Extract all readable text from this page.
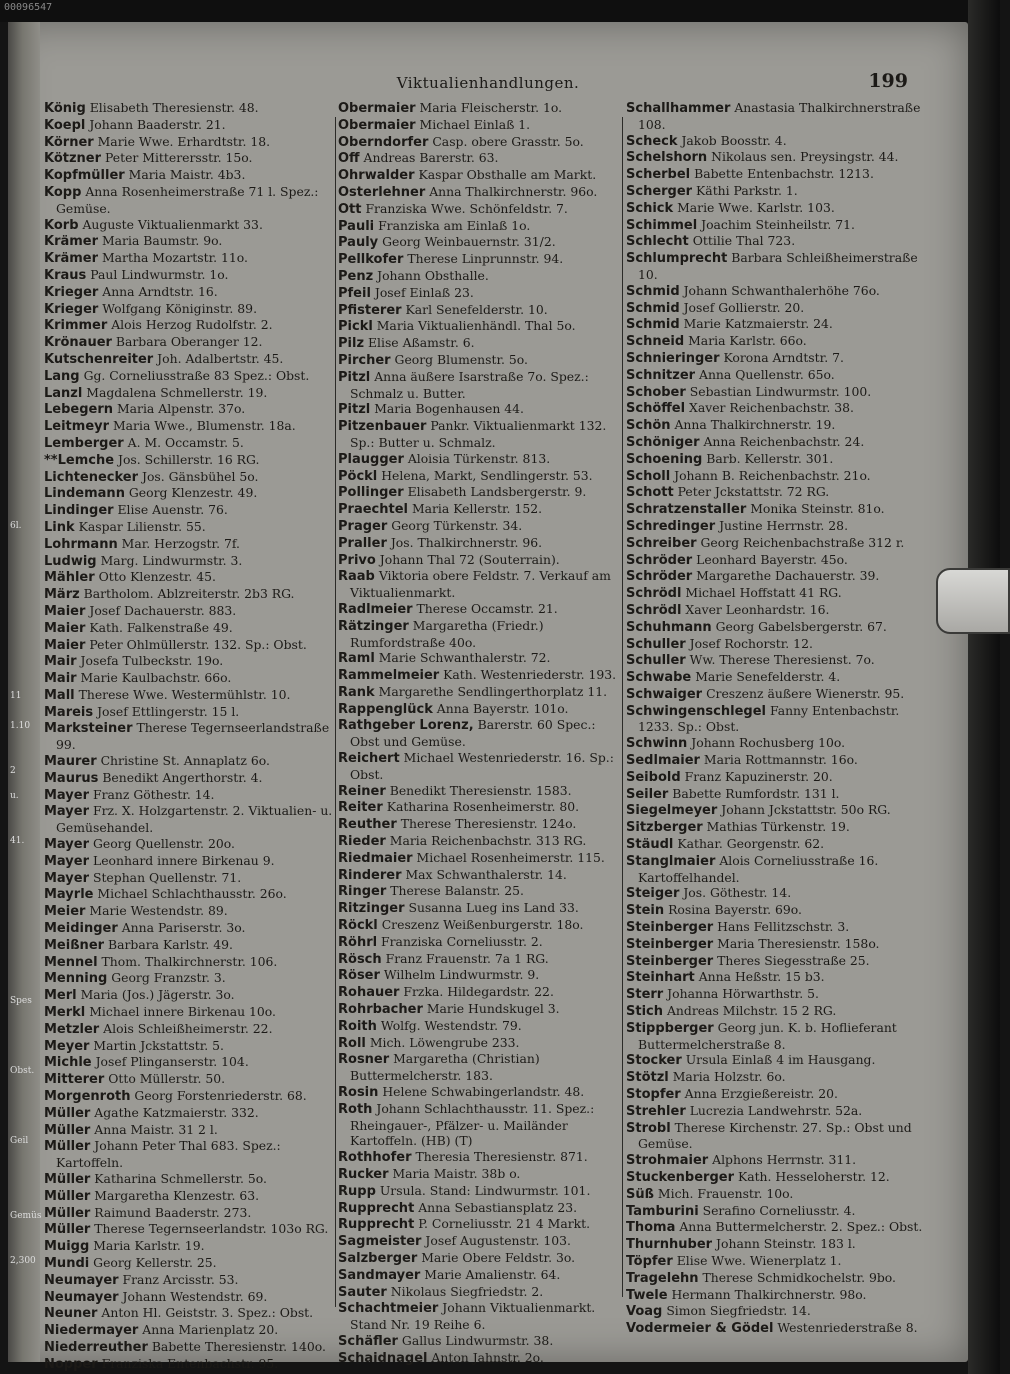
00096547
6l.
11
1.10
2
u.
41.
Spes
Obst.
Geil
Gemüs
2,300
Viktualienhandlungen.	199
König Elisabeth Theresienstr. 48.
Koepl Johann Baaderstr. 21.
Körner Marie Wwe. Erhardtstr. 18.
Kötzner Peter Mitterersstr. 15o.
Kopfmüller Maria Maistr. 4b3.
Kopp Anna Rosenheimerstraße 71 l. Spez.: Gemüse.
Korb Auguste Viktualienmarkt 33.
Krämer Maria Baumstr. 9o.
Krämer Martha Mozartstr. 11o.
Kraus Paul Lindwurmstr. 1o.
Krieger Anna Arndtstr. 16.
Krieger Wolfgang Königinstr. 89.
Krimmer Alois Herzog Rudolfstr. 2.
Krönauer Barbara Oberanger 12.
Kutschenreiter Joh. Adalbertstr. 45.
Lang Gg. Corneliusstraße 83 Spez.: Obst.
Lanzl Magdalena Schmellerstr. 19.
Lebegern Maria Alpenstr. 37o.
Leitmeyr Maria Wwe., Blumenstr. 18a.
Lemberger A. M. Occamstr. 5.
**Lemche Jos. Schillerstr. 16 RG.
Lichtenecker Jos. Gänsbühel 5o.
Lindemann Georg Klenzestr. 49.
Lindinger Elise Auenstr. 76.
Link Kaspar Lilienstr. 55.
Lohrmann Mar. Herzogstr. 7f.
Ludwig Marg. Lindwurmstr. 3.
Mähler Otto Klenzestr. 45.
März Bartholom. Ablzreiterstr. 2b3 RG.
Maier Josef Dachauerstr. 883.
Maier Kath. Falkenstraße 49.
Maier Peter Ohlmüllerstr. 132. Sp.: Obst.
Mair Josefa Tulbeckstr. 19o.
Mair Marie Kaulbachstr. 66o.
Mall Therese Wwe. Westermühlstr. 10.
Mareis Josef Ettlingerstr. 15 l.
Marksteiner Therese Tegernseerlandstraße 99.
Maurer Christine St. Annaplatz 6o.
Maurus Benedikt Angerthorstr. 4.
Mayer Franz Göthestr. 14.
Mayer Frz. X. Holzgartenstr. 2. Viktualien- u. Gemüsehandel.
Mayer Georg Quellenstr. 20o.
Mayer Leonhard innere Birkenau 9.
Mayer Stephan Quellenstr. 71.
Mayrle Michael Schlachthausstr. 26o.
Meier Marie Westendstr. 89.
Meidinger Anna Pariserstr. 3o.
Meißner Barbara Karlstr. 49.
Mennel Thom. Thalkirchnerstr. 106.
Menning Georg Franzstr. 3.
Merl Maria (Jos.) Jägerstr. 3o.
Merkl Michael innere Birkenau 10o.
Metzler Alois Schleißheimerstr. 22.
Meyer Martin Jckstattstr. 5.
Michle Josef Plinganserstr. 104.
Mitterer Otto Müllerstr. 50.
Morgenroth Georg Forstenriederstr. 68.
Müller Agathe Katzmaierstr. 332.
Müller Anna Maistr. 31 2 l.
Müller Johann Peter Thal 683. Spez.: Kartoffeln.
Müller Katharina Schmellerstr. 5o.
Müller Margaretha Klenzestr. 63.
Müller Raimund Baaderstr. 273.
Müller Therese Tegernseerlandstr. 103o RG.
Muigg Maria Karlstr. 19.
Mundi Georg Kellerstr. 25.
Neumayer Franz Arcisstr. 53.
Neumayer Johann Westendstr. 69.
Neuner Anton Hl. Geiststr. 3. Spez.: Obst.
Niedermayer Anna Marienplatz 20.
Niederreuther Babette Theresienstr. 140o.
Nopper Franziska Entenbachstr. 95.
Obermaier Maria Fleischerstr. 1o.
Obermaier Michael Einlaß 1.
Oberndorfer Casp. obere Grasstr. 5o.
Off Andreas Barerstr. 63.
Ohrwalder Kaspar Obsthalle am Markt.
Osterlehner Anna Thalkirchnerstr. 96o.
Ott Franziska Wwe. Schönfeldstr. 7.
Pauli Franziska am Einlaß 1o.
Pauly Georg Weinbauernstr. 31/2.
Pellkofer Therese Linprunnstr. 94.
Penz Johann Obsthalle.
Pfeil Josef Einlaß 23.
Pfisterer Karl Senefelderstr. 10.
Pickl Maria Viktualienhändl. Thal 5o.
Pilz Elise Aßamstr. 6.
Pircher Georg Blumenstr. 5o.
Pitzl Anna äußere Isarstraße 7o. Spez.: Schmalz u. Butter.
Pitzl Maria Bogenhausen 44.
Pitzenbauer Pankr. Viktualienmarkt 132. Sp.: Butter u. Schmalz.
Plaugger Aloisia Türkenstr. 813.
Pöckl Helena, Markt, Sendlingerstr. 53.
Pollinger Elisabeth Landsbergerstr. 9.
Praechtel Maria Kellerstr. 152.
Prager Georg Türkenstr. 34.
Praller Jos. Thalkirchnerstr. 96.
Privo Johann Thal 72 (Souterrain).
Raab Viktoria obere Feldstr. 7. Verkauf am Viktualienmarkt.
Radlmeier Therese Occamstr. 21.
Rätzinger Margaretha (Friedr.) Rumfordstraße 40o.
Raml Marie Schwanthalerstr. 72.
Rammelmeier Kath. Westenriederstr. 193.
Rank Margarethe Sendlingerthorplatz 11.
Rappenglück Anna Bayerstr. 101o.
Rathgeber Lorenz, Barerstr. 60 Spec.: Obst und Gemüse.
Reichert Michael Westenriederstr. 16. Sp.: Obst.
Reiner Benedikt Theresienstr. 1583.
Reiter Katharina Rosenheimerstr. 80.
Reuther Therese Theresienstr. 124o.
Rieder Maria Reichenbachstr. 313 RG.
Riedmaier Michael Rosenheimerstr. 115.
Rinderer Max Schwanthalerstr. 14.
Ringer Therese Balanstr. 25.
Ritzinger Susanna Lueg ins Land 33.
Röckl Creszenz Weißenburgerstr. 18o.
Röhrl Franziska Corneliusstr. 2.
Rösch Franz Frauenstr. 7a 1 RG.
Röser Wilhelm Lindwurmstr. 9.
Rohauer Frzka. Hildegardstr. 22.
Rohrbacher Marie Hundskugel 3.
Roith Wolfg. Westendstr. 79.
Roll Mich. Löwengrube 233.
Rosner Margaretha (Christian) Buttermelcherstr. 183.
Rosin Helene Schwabingerlandstr. 48.
Roth Johann Schlachthausstr. 11. Spez.: Rheingauer-, Pfälzer- u. Mailänder Kartoffeln. (HB) (T)
Rothhofer Theresia Theresienstr. 871.
Rucker Maria Maistr. 38b o.
Rupp Ursula. Stand: Lindwurmstr. 101.
Rupprecht Anna Sebastiansplatz 23.
Rupprecht P. Corneliusstr. 21 4 Markt.
Sagmeister Josef Augustenstr. 103.
Salzberger Marie Obere Feldstr. 3o.
Sandmayer Marie Amalienstr. 64.
Sauter Nikolaus Siegfriedstr. 2.
Schachtmeier Johann Viktualienmarkt. Stand Nr. 19 Reihe 6.
Schäfler Gallus Lindwurmstr. 38.
Schaidnagel Anton Jahnstr. 2o.
Schallhammer Anastasia Thalkirchnerstraße 108.
Scheck Jakob Boosstr. 4.
Schelshorn Nikolaus sen. Preysingstr. 44.
Scherbel Babette Entenbachstr. 1213.
Scherger Käthi Parkstr. 1.
Schick Marie Wwe. Karlstr. 103.
Schimmel Joachim Steinheilstr. 71.
Schlecht Ottilie Thal 723.
Schlumprecht Barbara Schleißheimerstraße 10.
Schmid Johann Schwanthalerhöhe 76o.
Schmid Josef Gollierstr. 20.
Schmid Marie Katzmaierstr. 24.
Schneid Maria Karlstr. 66o.
Schnieringer Korona Arndtstr. 7.
Schnitzer Anna Quellenstr. 65o.
Schober Sebastian Lindwurmstr. 100.
Schöffel Xaver Reichenbachstr. 38.
Schön Anna Thalkirchnerstr. 19.
Schöniger Anna Reichenbachstr. 24.
Schoening Barb. Kellerstr. 301.
Scholl Johann B. Reichenbachstr. 21o.
Schott Peter Jckstattstr. 72 RG.
Schratzenstaller Monika Steinstr. 81o.
Schredinger Justine Herrnstr. 28.
Schreiber Georg Reichenbachstraße 312 r.
Schröder Leonhard Bayerstr. 45o.
Schröder Margarethe Dachauerstr. 39.
Schrödl Michael Hoffstatt 41 RG.
Schrödl Xaver Leonhardstr. 16.
Schuhmann Georg Gabelsbergerstr. 67.
Schuller Josef Rochorstr. 12.
Schuller Ww. Therese Theresienst. 7o.
Schwabe Marie Senefelderstr. 4.
Schwaiger Creszenz äußere Wienerstr. 95.
Schwingenschlegel Fanny Entenbachstr. 1233. Sp.: Obst.
Schwinn Johann Rochusberg 10o.
Sedlmaier Maria Rottmannstr. 16o.
Seibold Franz Kapuzinerstr. 20.
Seiler Babette Rumfordstr. 131 l.
Siegelmeyer Johann Jckstattstr. 50o RG.
Sitzberger Mathias Türkenstr. 19.
Stäudl Kathar. Georgenstr. 62.
Stanglmaier Alois Corneliusstraße 16. Kartoffelhandel.
Steiger Jos. Göthestr. 14.
Stein Rosina Bayerstr. 69o.
Steinberger Hans Fellitzschstr. 3.
Steinberger Maria Theresienstr. 158o.
Steinberger Theres Siegesstraße 25.
Steinhart Anna Heßstr. 15 b3.
Sterr Johanna Hörwarthstr. 5.
Stich Andreas Milchstr. 15 2 RG.
Stippberger Georg jun. K. b. Hoflieferant Buttermelcherstraße 8.
Stocker Ursula Einlaß 4 im Hausgang.
Stötzl Maria Holzstr. 6o.
Stopfer Anna Erzgießereistr. 20.
Strehler Lucrezia Landwehrstr. 52a.
Strobl Therese Kirchenstr. 27. Sp.: Obst und Gemüse.
Strohmaier Alphons Herrnstr. 311.
Stuckenberger Kath. Hesseloherstr. 12.
Süß Mich. Frauenstr. 10o.
Tamburini Serafino Corneliusstr. 4.
Thoma Anna Buttermelcherstr. 2. Spez.: Obst.
Thurnhuber Johann Steinstr. 183 l.
Töpfer Elise Wwe. Wienerplatz 1.
Tragelehn Therese Schmidkochelstr. 9bo.
Twele Hermann Thalkirchnerstr. 98o.
Voag Simon Siegfriedstr. 14.
Vodermeier & Gödel Westenriederstraße 8.
